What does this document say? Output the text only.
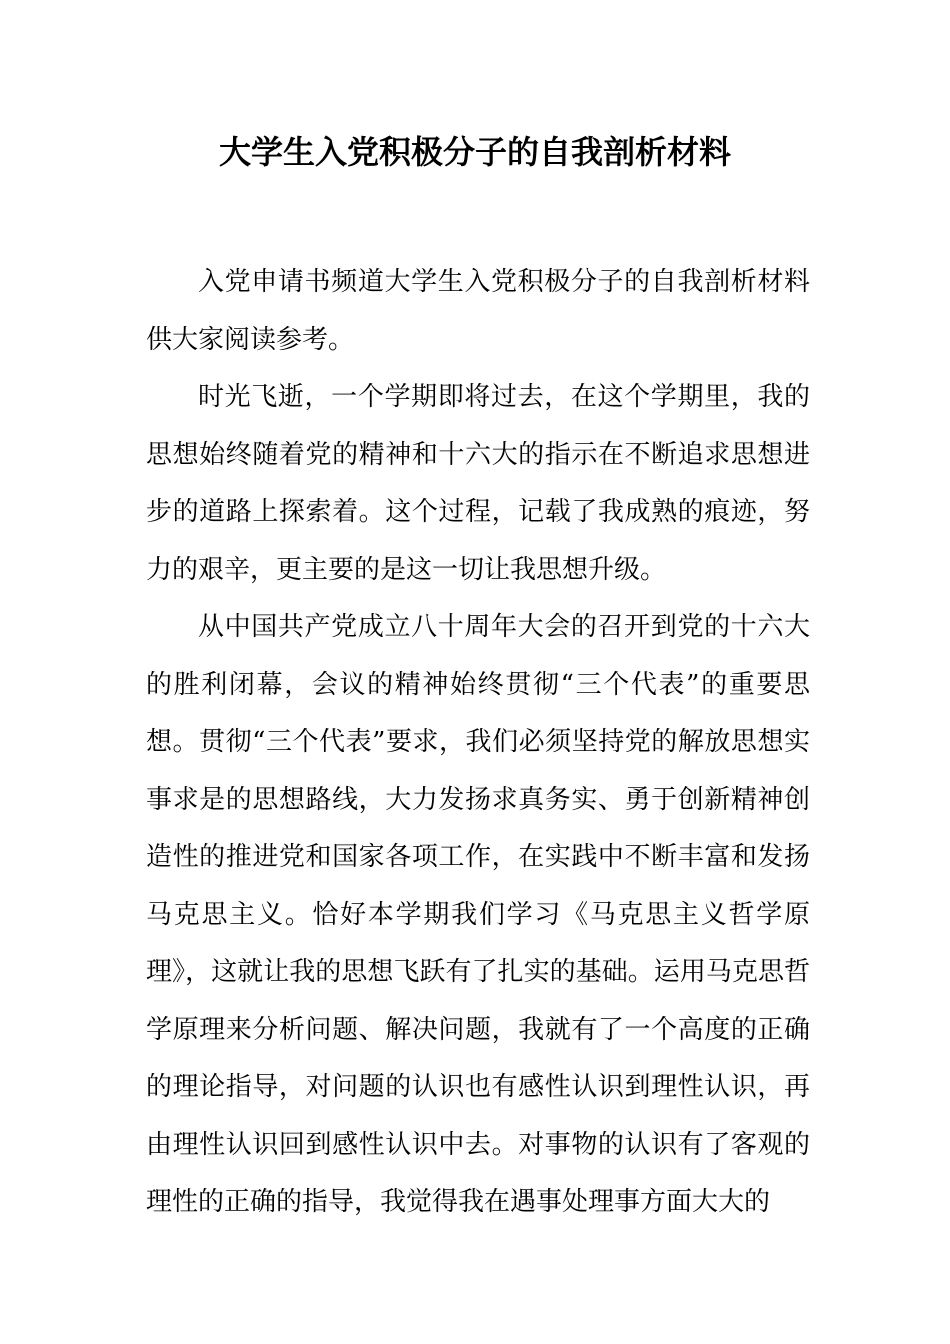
大学生入党积极分子的自我剖析材料

入党申请书频道大学生入党积极分子的自我剖析材料供大家阅读参考。

时光飞逝，一个学期即将过去，在这个学期里，我的思想始终随着党的精神和十六大的指示在不断追求思想进步的道路上探索着。这个过程，记载了我成熟的痕迹，努力的艰辛，更主要的是这一切让我思想升级。

从中国共产党成立八十周年大会的召开到党的十六大的胜利闭幕，会议的精神始终贯彻“三个代表”的重要思想。贯彻“三个代表”要求，我们必须坚持党的解放思想实事求是的思想路线，大力发扬求真务实、勇于创新精神创造性的推进党和国家各项工作，在实践中不断丰富和发扬马克思主义。恰好本学期我们学习《马克思主义哲学原理》，这就让我的思想飞跃有了扎实的基础。运用马克思哲学原理来分析问题、解决问题，我就有了一个高度的正确的理论指导，对问题的认识也有感性认识到理性认识，再由理性认识回到感性认识中去。对事物的认识有了客观的理性的正确的指导，我觉得我在遇事处理事方面大大的
